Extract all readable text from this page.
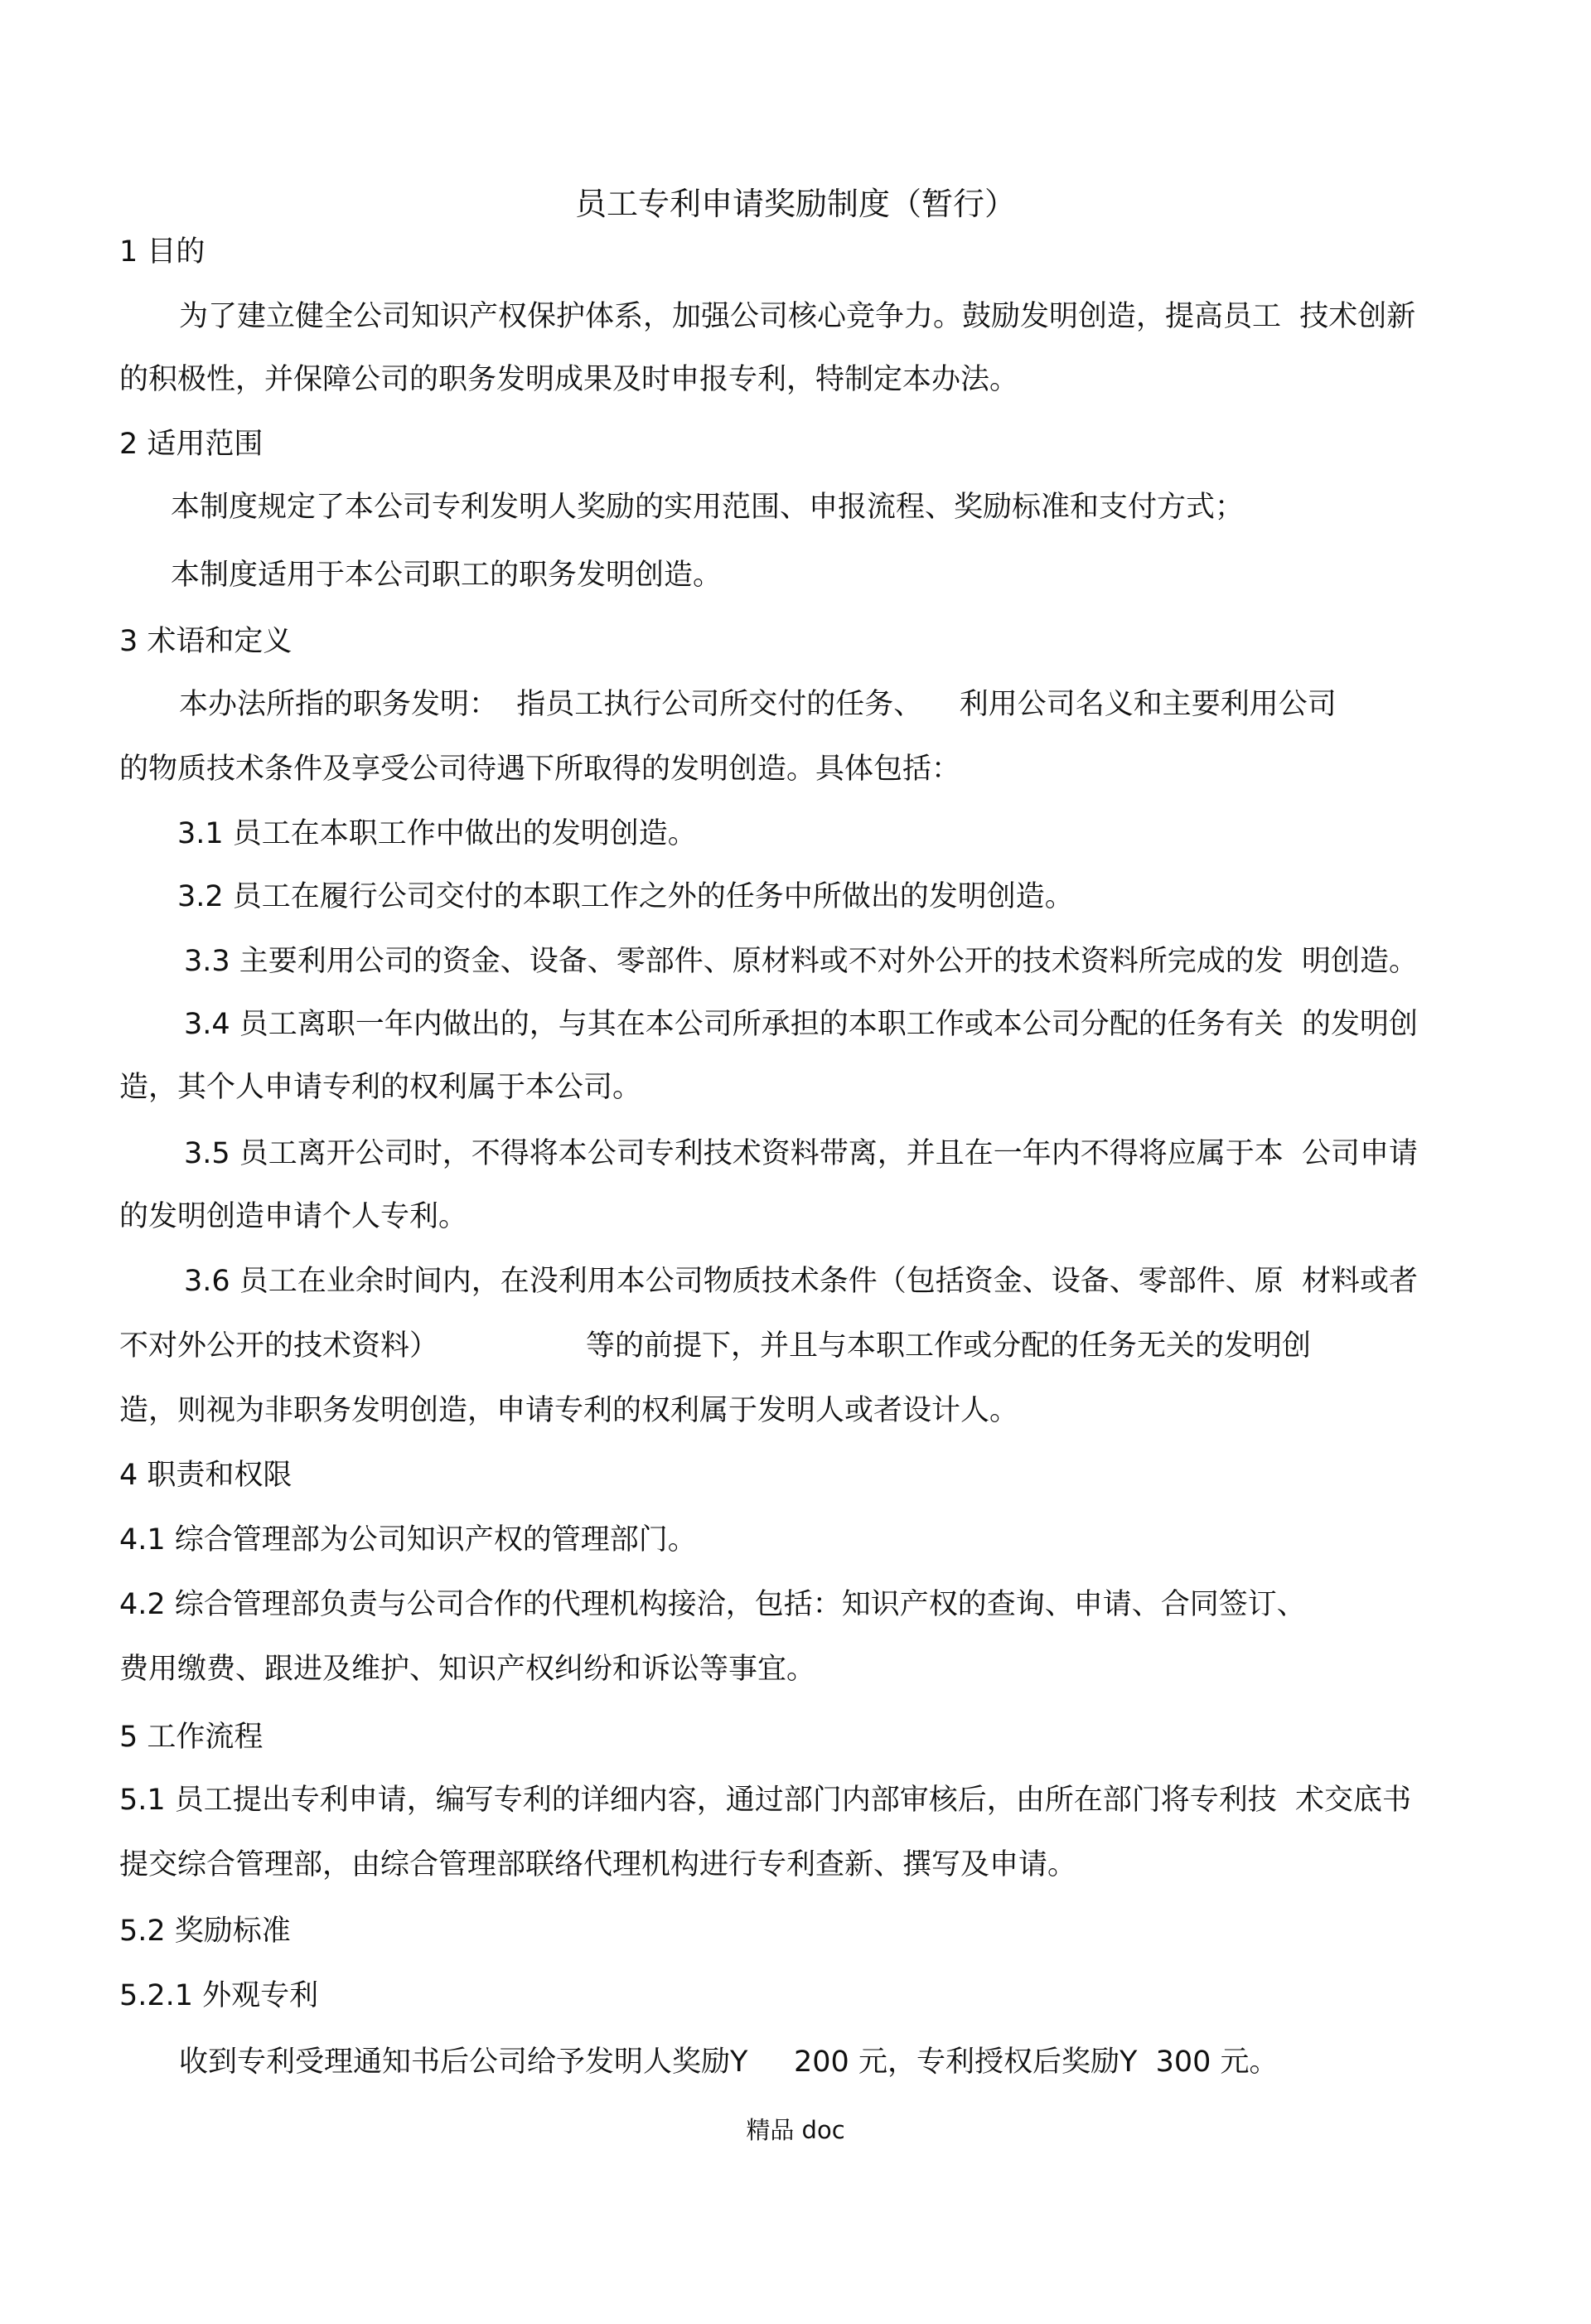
员工专利申请奖励制度（暂行）
1 目的
为了建立健全公司知识产权保护体系，加强公司核心竞争力。鼓励发明创造，提高员工  技术创新
的积极性，并保障公司的职务发明成果及时申报专利，特制定本办法。
2 适用范围
本制度规定了本公司专利发明人奖励的实用范围、申报流程、奖励标准和支付方式；
本制度适用于本公司职工的职务发明创造。
3 术语和定义
本办法所指的职务发明：  指员工执行公司所交付的任务、    利用公司名义和主要利用公司
的物质技术条件及享受公司待遇下所取得的发明创造。具体包括：
3.1 员工在本职工作中做出的发明创造。
3.2 员工在履行公司交付的本职工作之外的任务中所做出的发明创造。
3.3 主要利用公司的资金、设备、零部件、原材料或不对外公开的技术资料所完成的发  明创造。
3.4 员工离职一年内做出的，与其在本公司所承担的本职工作或本公司分配的任务有关  的发明创
造，其个人申请专利的权利属于本公司。
3.5 员工离开公司时，不得将本公司专利技术资料带离，并且在一年内不得将应属于本  公司申请
的发明创造申请个人专利。
3.6 员工在业余时间内，在没利用本公司物质技术条件（包括资金、设备、零部件、原  材料或者
不对外公开的技术资料）                等的前提下，并且与本职工作或分配的任务无关的发明创
造，则视为非职务发明创造，申请专利的权利属于发明人或者设计人。
4 职责和权限
4.1 综合管理部为公司知识产权的管理部门。
4.2 综合管理部负责与公司合作的代理机构接洽，包括：知识产权的查询、申请、合同签订、
费用缴费、跟进及维护、知识产权纠纷和诉讼等事宜。
5 工作流程
5.1 员工提出专利申请，编写专利的详细内容，通过部门内部审核后，由所在部门将专利技  术交底书
提交综合管理部，由综合管理部联络代理机构进行专利查新、撰写及申请。
5.2 奖励标准
5.2.1 外观专利
收到专利受理通知书后公司给予发明人奖励Y     200 元，专利授权后奖励Y  300 元。
精品 doc
